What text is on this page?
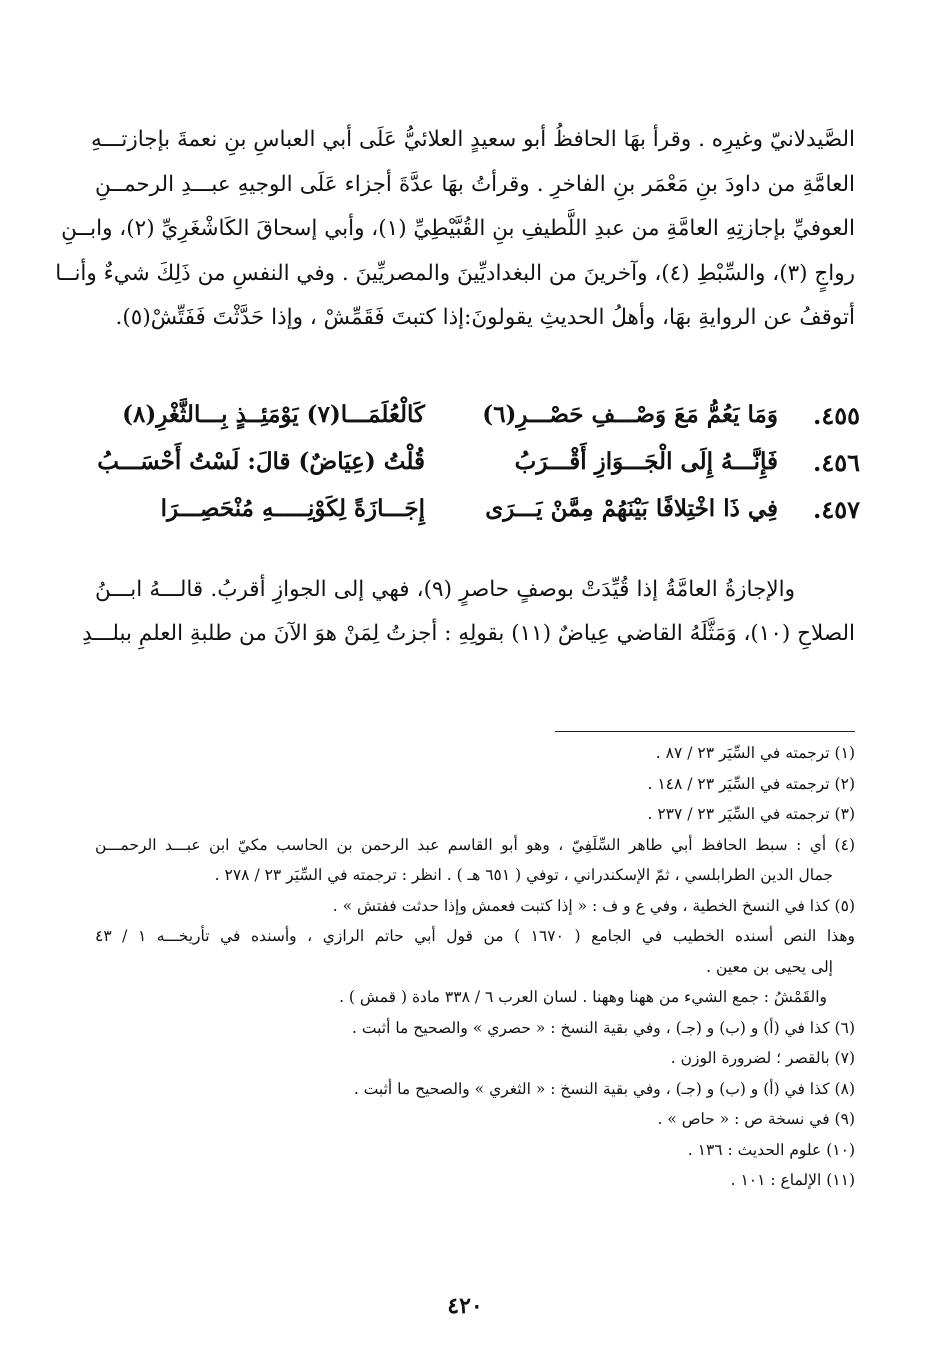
الصَّيدلانيّ وغيرِه . وقرأ بهَا الحافظُ أبو سعيدٍ العلائيُّ عَلَى أبي العباسِ بنِ نعمةَ بإجازتـــهِ
العامَّةِ من داودَ بنِ مَعْمَر بنِ الفاخرِ . وقرأتُ بهَا عدَّةَ أجزاء عَلَى الوجيهِ عبـــدِ الرحمــنِ
العوفيِّ بإجازتِهِ العامَّةِ من عبدِ اللَّطيفِ بنِ القُبَّيْطِيِّ (١)، وأبي إسحاقَ الكَاشْغَرِيِّ (٢)، وابــنِ
رواجٍ (٣)، والسِّبْطِ (٤)، وآخرينَ من البغداديِّينَ والمصريِّينَ . وفي النفسِ من ذَلِكَ شيءٌ وأنــا
أتوقفُ عن الروايةِ بهَا، وأهلُ الحديثِ يقولونَ:إذا كتبتَ فَقَمِّشْ ، وإذا حَدَّثْتَ فَفَتِّشْ(٥).
٤٥٥.
وَمَا يَعُمُّ مَعَ وَصْـــفِ حَصْـــرِ(٦)
كَالْعُلَمَـــا(٧) يَوْمَئِــذٍ بِـــالثَّغْرِ(٨)
٤٥٦.
فَإِنَّـــهُ إِلَى الْجَـــوَازِ أَقْـــرَبُ
قُلْتُ (عِيَاضٌ) قالَ: لَسْتُ أَحْسَـــبُ
٤٥٧.
فِي ذَا اخْتِلافًا بَيْنَهُمْ مِمَّنْ يَـــرَى
إِجَـــازَةً لِكَوْنِـــــهِ مُنْحَصِـــرَا
والإجازةُ العامَّةُ إذا قُيِّدَتْ بوصفٍ حاصرٍ (٩)، فهي إلى الجوازِ أقربُ. قالـــهُ ابـــنُ
الصلاحِ (١٠)، وَمَثَّلَهُ القاضي عِياضٌ (١١) بقولِهِ : أجزتُ لِمَنْ هوَ الآنَ من طلبةِ العلمِ ببلـــدِ
(١) ترجمته في السِّيَر ٢٣ / ٨٧ .
(٢) ترجمته في السِّيَر ٢٣ / ١٤٨ .
(٣) ترجمته في السِّيَر ٢٣ / ٢٣٧ .
(٤) أي : سبط الحافظ أبي طاهر السِّلَفِيّ ، وهو أبو القاسم عبد الرحمن بن الحاسب مكيّ ابن عبـــد الرحمـــن
جمال الدين الطرابلسي ، ثمّ الإسكندراني ، توفي ( ٦٥١ هـ ) . انظر : ترجمته في السِّيَر ٢٣ / ٢٧٨ .
(٥) كذا في النسخ الخطية ، وفي ع و ف : « إذا كتبت فعمش وإذا حدثت ففتش » .
وهذا النص أسنده الخطيب في الجامع ( ١٦٧٠ ) من قول أبي حاتم الرازي ، وأسنده في تأريخـــه ١ / ٤٣
إلى يحيى بن معين .
والقَمْشُ : جمع الشيء من ههنا وههنا . لسان العرب ٦ / ٣٣٨ مادة ( قمش ) .
(٦) كذا في (أ) و (ب) و (جـ) ، وفي بقية النسخ : « حصري » والصحيح ما أثبت .
(٧) بالقصر ؛ لضرورة الوزن .
(٨) كذا في (أ) و (ب) و (جـ) ، وفي بقية النسخ : « الثغري » والصحيح ما أثبت .
(٩) في نسخة ص : « حاص » .
(١٠) علوم الحديث : ١٣٦ .
(١١) الإلماع : ١٠١ .
٤٢٠
